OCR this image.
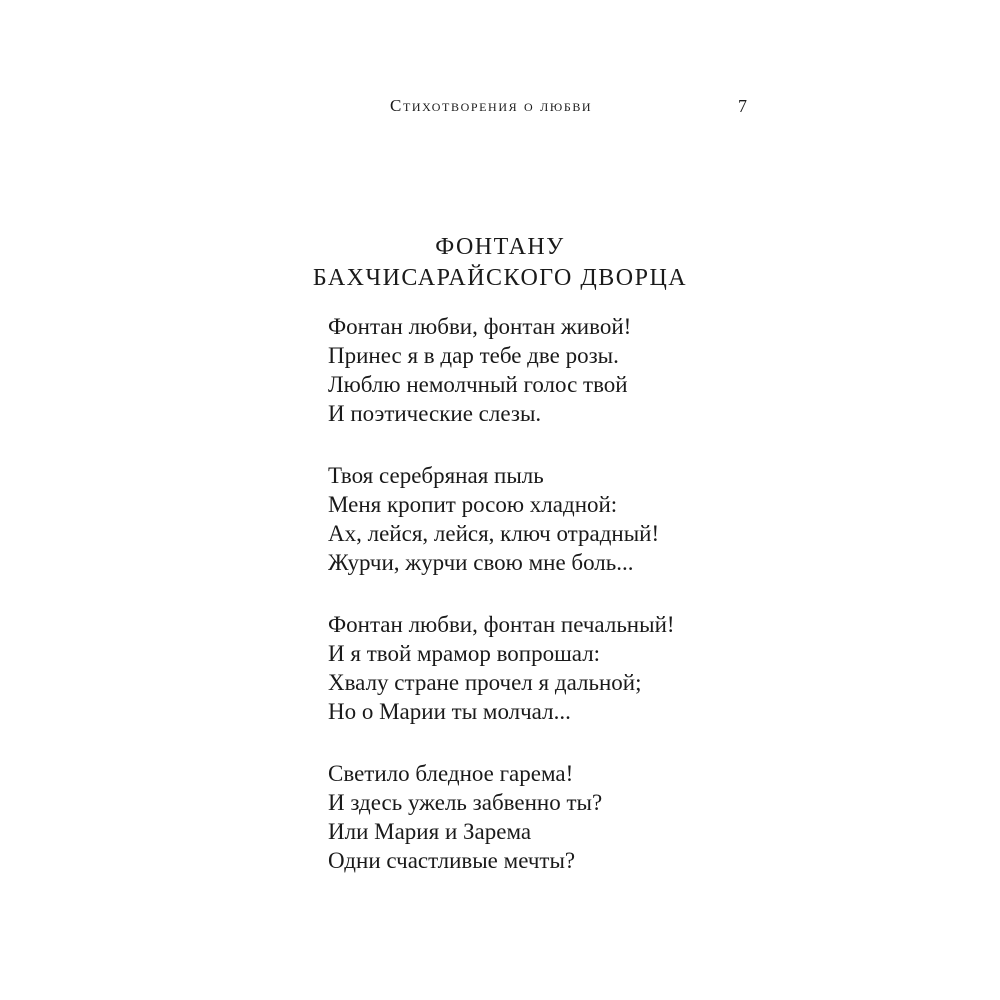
Стихотворения о любви	7
ФОНТАНУ
БАХЧИСАРАЙСКОГО ДВОРЦА
Фонтан любви, фонтан живой!
Принес я в дар тебе две розы.
Люблю немолчный голос твой
И поэтические слезы.
Твоя серебряная пыль
Меня кропит росою хладной:
Ах, лейся, лейся, ключ отрадный!
Журчи, журчи свою мне боль...
Фонтан любви, фонтан печальный!
И я твой мрамор вопрошал:
Хвалу стране прочел я дальной;
Но о Марии ты молчал...
Светило бледное гарема!
И здесь ужель забвенно ты?
Или Мария и Зарема
Одни счастливые мечты?
